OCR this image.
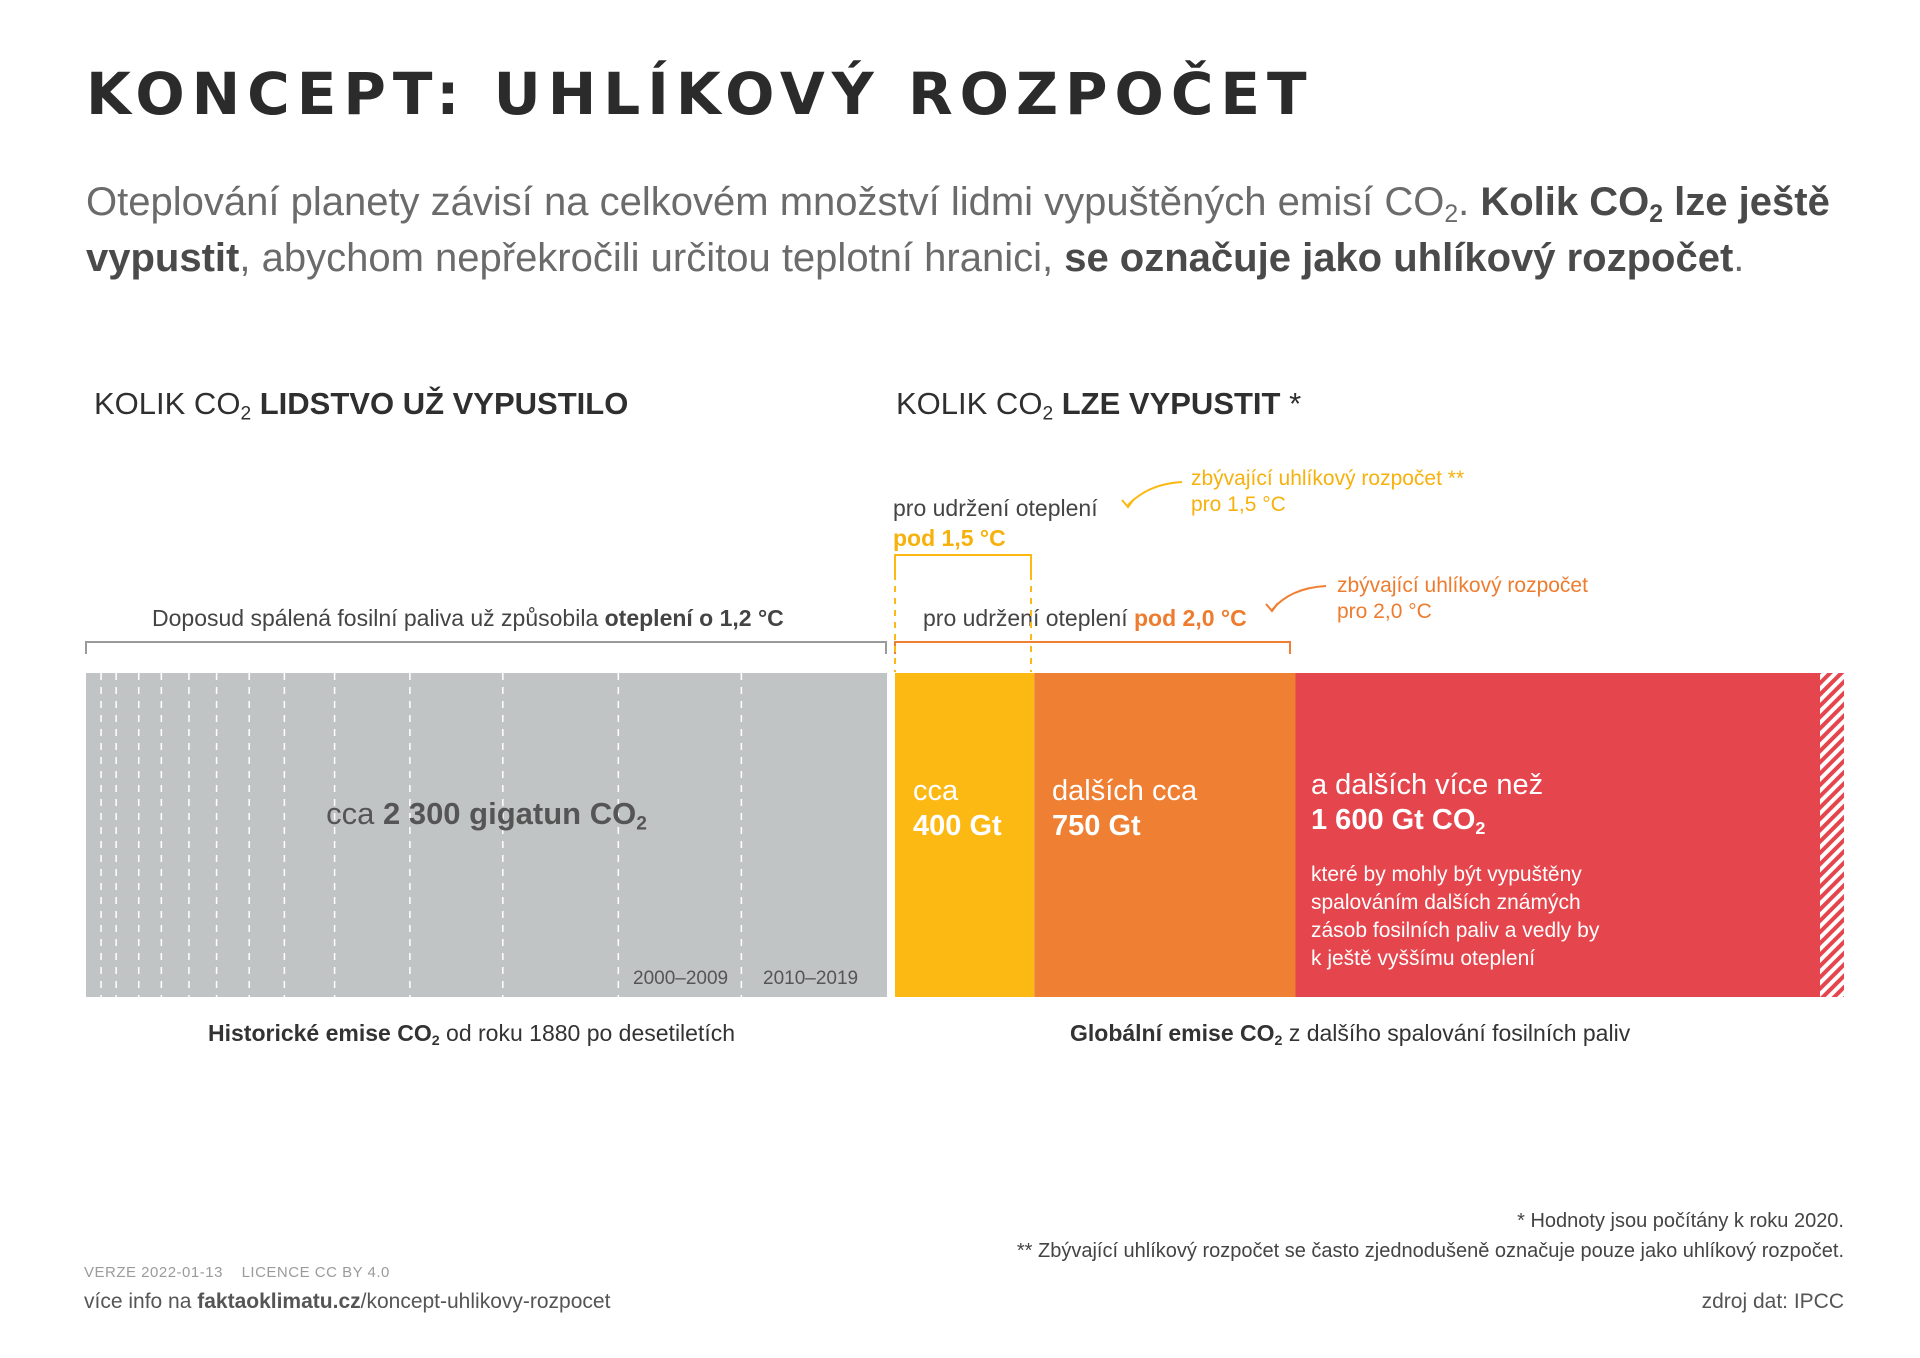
KONCEPT: UHLÍKOVÝ ROZPOČET
Oteplování planety závisí na celkovém množství lidmi vypuštěných emisí $CO_2$. Kolik $CO_2$ lze ještě vypustit, abychom nepřekročili určitou teplotní hranici, se označuje jako uhlíkový rozpočet.
KOLIK $CO_2$ LIDSTVO UŽ VYPUSTILO	KOLIK $CO_2$ LZE VYPUSTIT *
Doposud spálená fosilní paliva už způsobila oteplení o 1,2 °C
pro udržení oteplení
pod 1,5 °C
pro udržení oteplení pod 2,0 °C
zbývající uhlíkový rozpočet **
pro 1,5 °C
zbývající uhlíkový rozpočet
pro 2,0 °C
cca 2 300 gigatun $CO_2$
2000–2009 2010–2019
cca
400 Gt
dalších cca
750 Gt
a dalších více než
1 600 Gt $CO_2$
které by mohly být vypuštěny spalováním dalších známých zásob fosilních paliv a vedly by k ještě vyššímu oteplení
Historické emise $CO_2$ od roku 1880 po desetiletích	Globální emise $CO_2$ z dalšího spalování fosilních paliv
* Hodnoty jsou počítány k roku 2020.
** Zbývající uhlíkový rozpočet se často zjednodušeně označuje pouze jako uhlíkový rozpočet.
VERZE 2022-01-13 LICENCE CC BY 4.0
více info na faktaoklimatu.cz/koncept-uhlikovy-rozpocet	zdroj dat: IPCC
